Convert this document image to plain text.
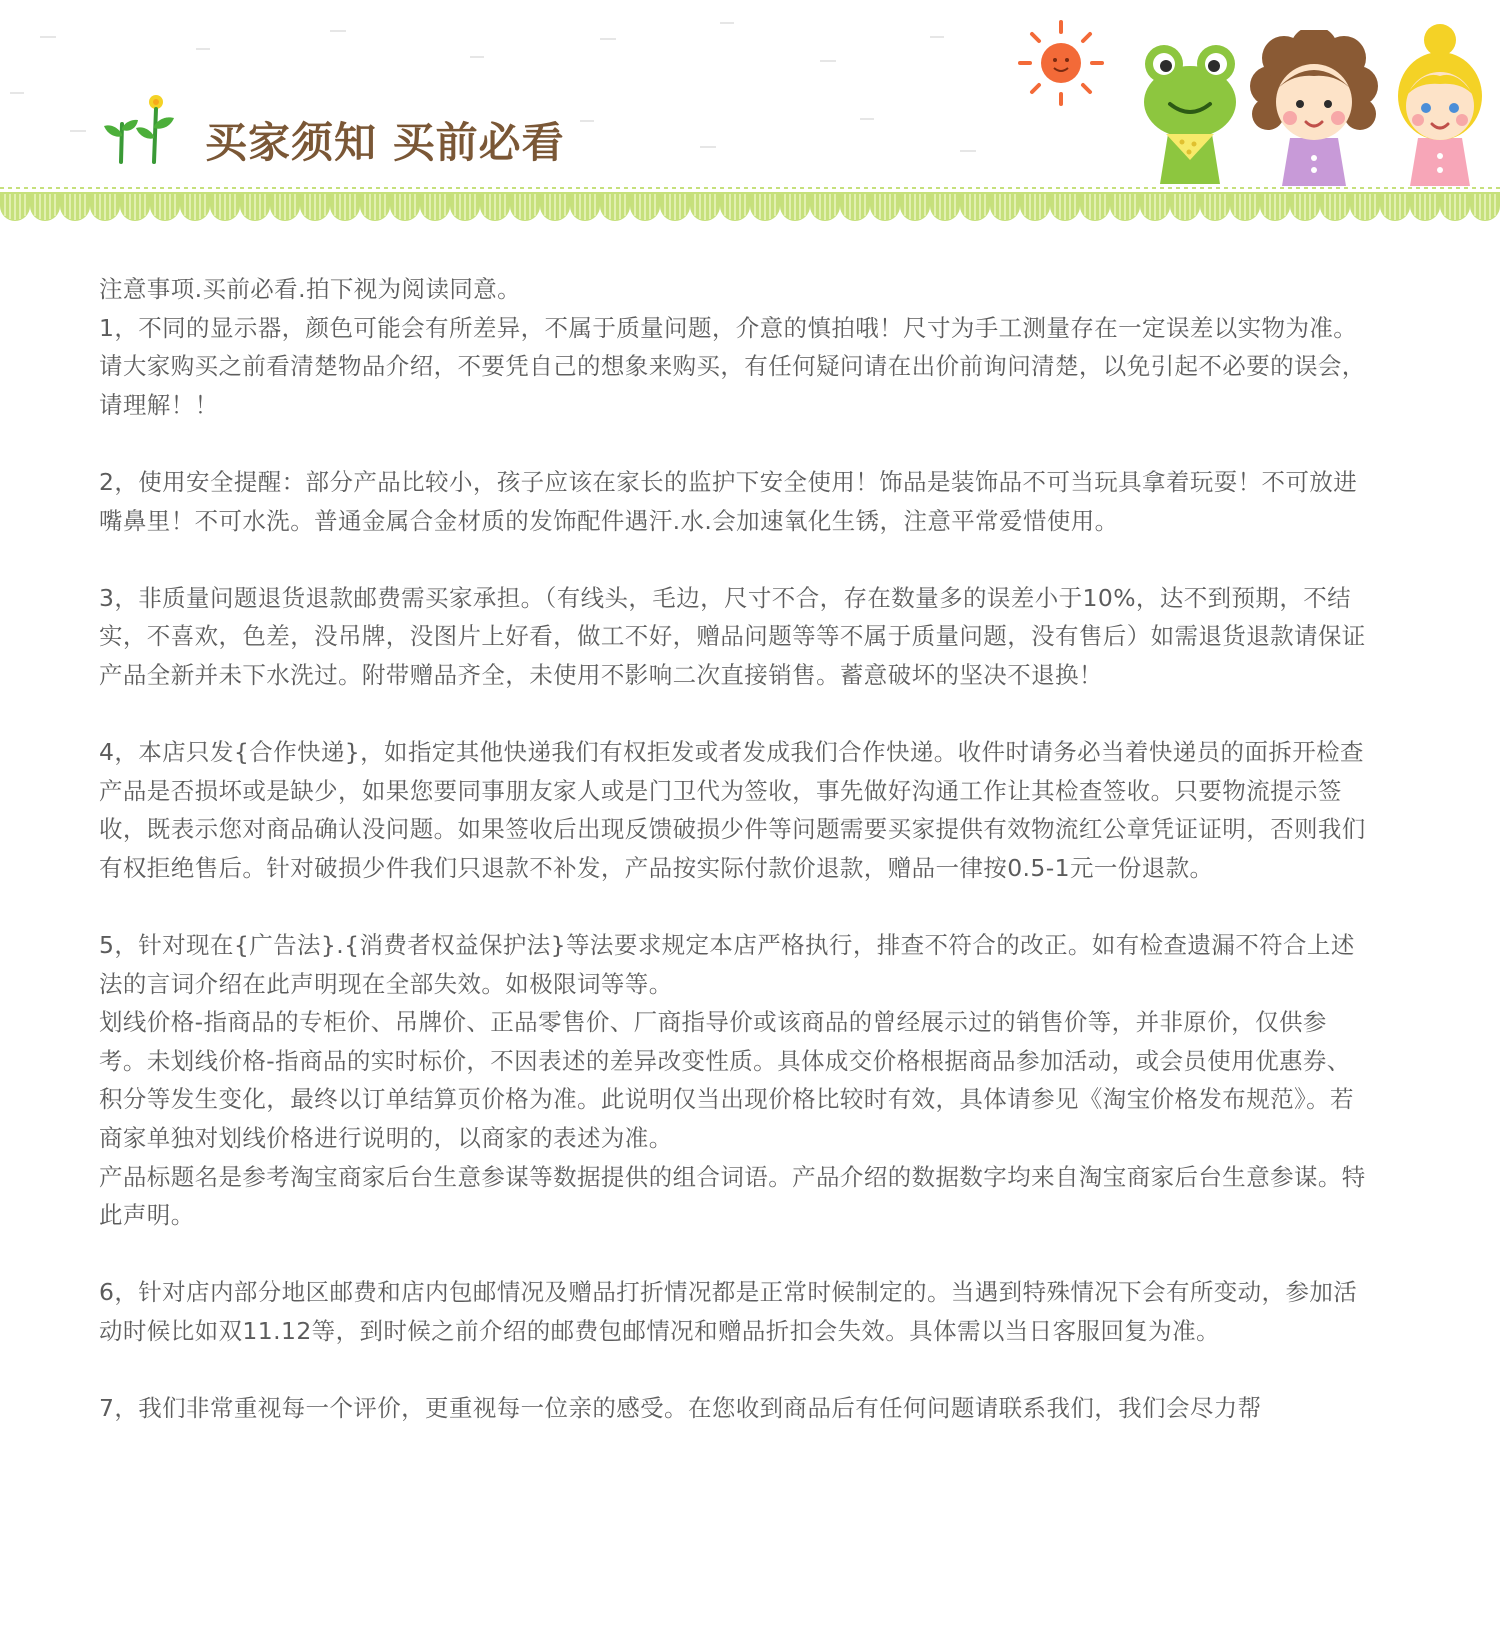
买家须知 买前必看

注意事项.买前必看.拍下视为阅读同意。

1，不同的显示器，颜色可能会有所差异，不属于质量问题，介意的慎拍哦！尺寸为手工测量存在一定误差以实物为准。请大家购买之前看清楚物品介绍，不要凭自己的想象来购买，有任何疑问请在出价前询问清楚，以免引起不必要的误会，请理解！！

2，使用安全提醒：部分产品比较小，孩子应该在家长的监护下安全使用！饰品是装饰品不可当玩具拿着玩耍！不可放进嘴鼻里！不可水洗。普通金属合金材质的发饰配件遇汗.水.会加速氧化生锈，注意平常爱惜使用。

3，非质量问题退货退款邮费需买家承担。（有线头，毛边，尺寸不合，存在数量多的误差小于10%，达不到预期，不结实，不喜欢，色差，没吊牌，没图片上好看，做工不好，赠品问题等等不属于质量问题，没有售后）如需退货退款请保证产品全新并未下水洗过。附带赠品齐全，未使用不影响二次直接销售。蓄意破坏的坚决不退换！

4，本店只发{合作快递}，如指定其他快递我们有权拒发或者发成我们合作快递。收件时请务必当着快递员的面拆开检查产品是否损坏或是缺少，如果您要同事朋友家人或是门卫代为签收，事先做好沟通工作让其检查签收。只要物流提示签收，既表示您对商品确认没问题。如果签收后出现反馈破损少件等问题需要买家提供有效物流红公章凭证证明，否则我们有权拒绝售后。针对破损少件我们只退款不补发，产品按实际付款价退款，赠品一律按0.5-1元一份退款。

5，针对现在{广告法}.{消费者权益保护法}等法要求规定本店严格执行，排查不符合的改正。如有检查遗漏不符合上述法的言词介绍在此声明现在全部失效。如极限词等等。
划线价格-指商品的专柜价、吊牌价、正品零售价、厂商指导价或该商品的曾经展示过的销售价等，并非原价，仅供参考。未划线价格-指商品的实时标价，不因表述的差异改变性质。具体成交价格根据商品参加活动，或会员使用优惠券、积分等发生变化，最终以订单结算页价格为准。此说明仅当出现价格比较时有效，具体请参见《淘宝价格发布规范》。若商家单独对划线价格进行说明的，以商家的表述为准。
产品标题名是参考淘宝商家后台生意参谋等数据提供的组合词语。产品介绍的数据数字均来自淘宝商家后台生意参谋。特此声明。

6，针对店内部分地区邮费和店内包邮情况及赠品打折情况都是正常时候制定的。当遇到特殊情况下会有所变动，参加活动时候比如双11.12等，到时候之前介绍的邮费包邮情况和赠品折扣会失效。具体需以当日客服回复为准。

7，我们非常重视每一个评价，更重视每一位亲的感受。在您收到商品后有任何问题请联系我们，我们会尽力帮
